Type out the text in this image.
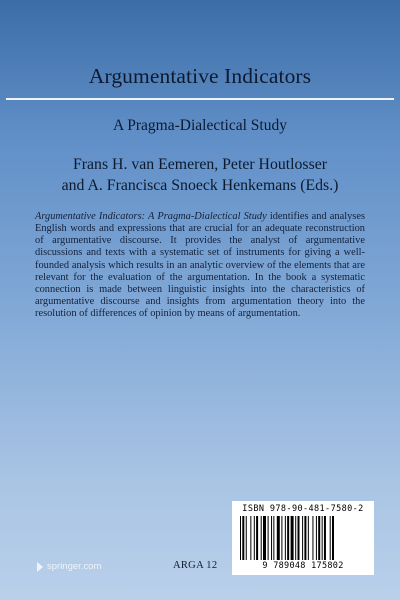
Argumentative Indicators
A Pragma-Dialectical Study
Frans H. van Eemeren, Peter Houtlosser
and A. Francisca Snoeck Henkemans (Eds.)
Argumentative Indicators: A Pragma-Dialectical Study identifies and analyses English words and expressions that are crucial for an adequate reconstruction of argumentative discourse. It provides the analyst of argumentative discussions and texts with a systematic set of instruments for giving a well-founded analysis which results in an analytic overview of the elements that are relevant for the evaluation of the argumentation. In the book a systematic connection is made between linguistic insights into the characteristics of argumentative discourse and insights from argumentation theory into the resolution of differences of opinion by means of argumentation.
ISBN 978-90-481-7580-2
9 789048 175802
springer.com	ARGA 12
